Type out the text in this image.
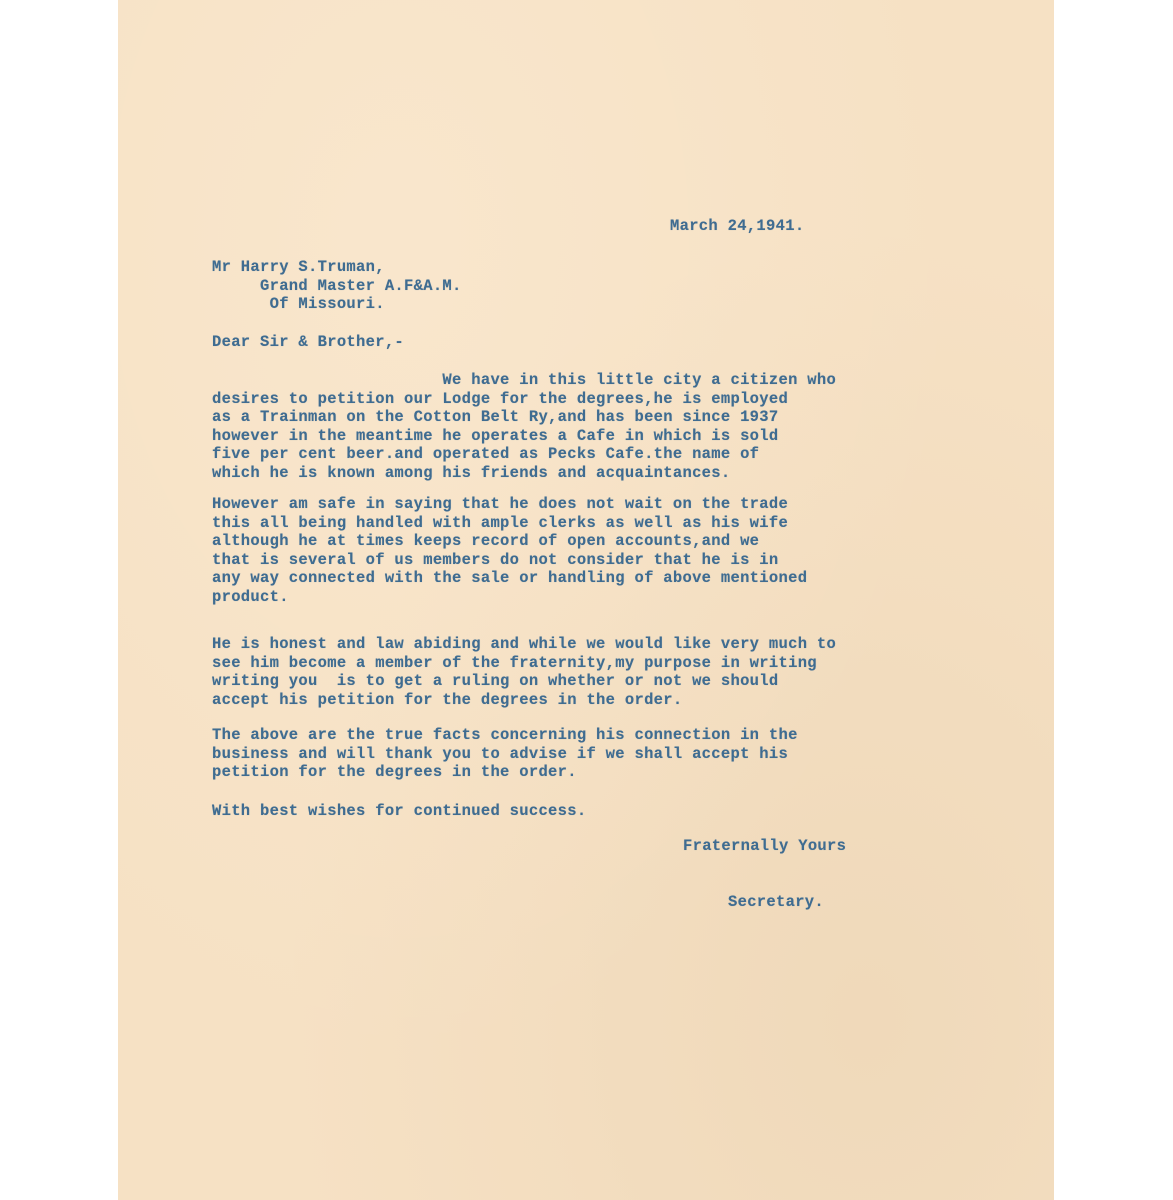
March 24,1941.
Mr Harry S.Truman,
Grand Master A.F&A.M.
Of Missouri.
Dear Sir & Brother,-
We have in this little city a citizen who
desires to petition our Lodge for the degrees,he is employed
as a Trainman on the Cotton Belt Ry,and has been since 1937
however in the meantime he operates a Cafe in which is sold
five per cent beer.and operated as Pecks Cafe.the name of
which he is known among his friends and acquaintances.
However am safe in saying that he does not wait on the trade
this all being handled with ample clerks as well as his wife
although he at times keeps record of open accounts,and we
that is several of us members do not consider that he is in
any way connected with the sale or handling of above mentioned
product.
He is honest and law abiding and while we would like very much to
see him become a member of the fraternity,my purpose in writing
writing you  is to get a ruling on whether or not we should
accept his petition for the degrees in the order.
The above are the true facts concerning his connection in the
business and will thank you to advise if we shall accept his
petition for the degrees in the order.
With best wishes for continued success.
Fraternally Yours
Secretary.
